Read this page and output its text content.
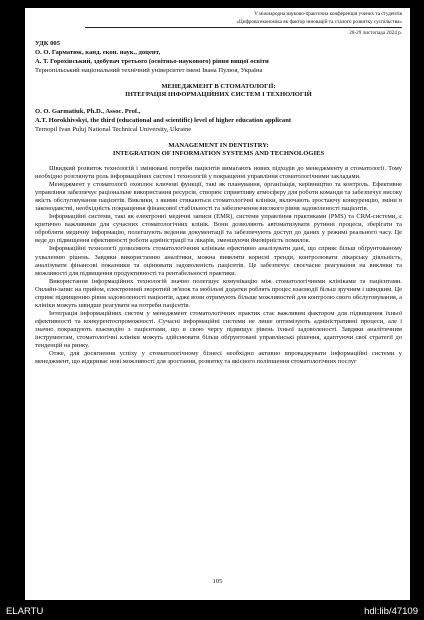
V міжнародна науково-практична конференція учених та студентів
«Цифрова економіка як фактор інновацій та сталого розвитку суспільства»
28-29 листопада 2024 р.
УДК 005
О. О. Гарматюк, канд. екон. наук., доцент,
А. Т. Горохівський, здобувач третього (освітньо-наукового) рівня вищої освіти
Тернопільський національний технічний університет імені Івана Пулюя, Україна
МЕНЕДЖМЕНТ В СТОМАТОЛОГІЇ:
ІНТЕГРАЦІЯ ІНФОРМАЦІЙНИХ СИСТЕМ І ТЕХНОЛОГІЙ
O. O. Garmatiuk, Ph.D., Assoc. Prof.,
A.T. Horokhivskyi, the third (educational and scientific) level of higher education applicant
Ternopil Ivan Puluj National Technical University, Ukraine
MANAGEMENT IN DENTISTRY:
INTEGRATION OF INFORMATION SYSTEMS AND TECHNOLOGIES

Швидкий розвиток технологій і змінювані потреби пацієнтів вимагають нових підходів до менеджменту в стоматології. Тому необхідно розглянути роль інформаційних систем і технологій у покращенні управління стоматологічними закладами.

Менеджмент у стоматології охоплює ключові функції, такі як планування, організація, керівництво та контроль. Ефективне управління забезпечує раціональне використання ресурсів, створює сприятливу атмосферу для роботи команди та забезпечує високу якість обслуговування пацієнтів. Виклики, з якими стикаються стоматологічні клініки, включають зростаючу конкуренцію, зміни в законодавстві, необхідність покращення фінансової стабільності та забезпечення високого рівня задоволеності пацієнтів.

Інформаційні системи, такі як електронні медичні записи (EMR), системи управління практиками (PMS) та CRM-системи, є критично важливими для сучасних стоматологічних клінік. Вони дозволяють автоматизувати рутинні процеси, зберігати та обробляти медичну інформацію, полегшують ведення документації та забезпечують доступ до даних у режимі реального часу. Це веде до підвищення ефективності роботи адміністрації та лікарів, зменшуючи ймовірність помилок.

Інформаційні технології дозволяють стоматологічним клінікам ефективно аналізувати дані, що сприяє більш обґрунтованому ухваленню рішень. Завдяки використанню аналітики, можна виявляти корисні тренди, контролювати лікарську діяльність, аналізувати фінансові показники та оцінювати задоволеність пацієнтів. Це забезпечує своєчасне реагування на виклики та можливості для підвищення продуктивності та рентабельності практики.

Використання інформаційних технологій значно полегшує комунікацію між стоматологічними клініками та пацієнтами. Онлайн-запис на прийом, електронний зворотній зв'язок та мобільні додатки роблять процес взаємодії більш зручним і швидким. Це сприяє підвищенню рівня задоволеності пацієнтів, адже вони отримують більше можливостей для контролю свого обслуговування, а клініки можуть швидше реагувати на потреби пацієнтів.

Інтеграція інформаційних систем у менеджмент стоматологічних практик стає важливим фактором для підвищення їхньої ефективності та конкурентоспроможності. Сучасні інформаційні системи не лише оптимізують адміністративні процеси, але і значно покращують взаємодію з пацієнтами, що в свою чергу підвищує рівень їхньої задоволеності. Завдяки аналітичним інструментам, стоматологічні клініки можуть здійснювати більш обґрунтовані управлінські рішення, адаптуючи свої стратегії до тенденцій на ринку.

Отже, для досягнення успіху у стоматологічному бізнесі необхідно активно впроваджувати інформаційні системи у менеджмент, що відкриває нові можливості для зростання, розвитку та якісного поліпшення стоматологічних послуг

105
ELARTU	hdl:lib/47109
